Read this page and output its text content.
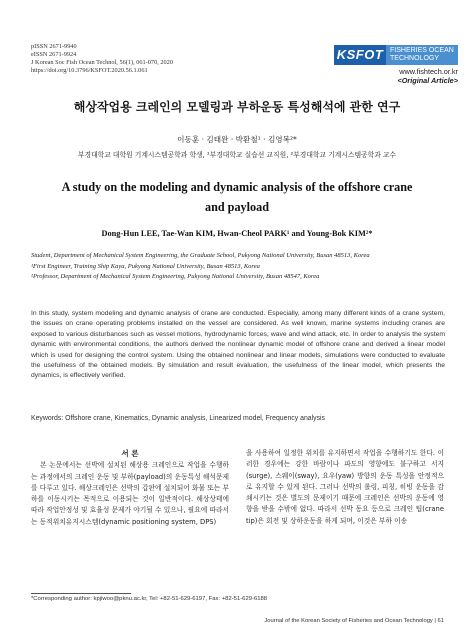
pISSN 2671-9940
eISSN 2671-9924
J Korean Soc Fish Ocean Technol, 56(1), 061-070, 2020
https://doi.org/10.3796/KSFOT.2020.56.1.061
KSFOT FISHERIES OCEAN
TECHNOLOGY
www.fishtech.or.kr
<Original Article>
해상작업용 크레인의 모델링과 부하운동 특성해석에 관한 연구
이동훈 · 김태완 · 박환철¹ · 김영복²*
부경대학교 대학원 기계시스템공학과 학생, ¹부경대학교 실습선 교직원, ²부경대학교 기계시스템공학과 교수
A study on the modeling and dynamic analysis of the offshore crane
and payload
Dong-Hun LEE, Tae-Wan KIM, Hwan-Cheol PARK¹ and Young-Bok KIM²*
Student, Department of Mechanical System Engineering, the Graduate School, Pukyong National University, Busan 48513, Korea
¹First Engineer, Training Ship Kaya, Pukyong National University, Busan 48513, Korea
²Professor, Department of Mechanical System Engineering, Pukyong National University, Busan 48547, Korea
In this study, system modeling and dynamic analysis of crane are conducted. Especially, among many different kinds of a crane system, the issues on crane operating problems installed on the vessel are considered. As well known, marine systems including cranes are exposed to various disturbances such as vessel motions, hydrodynamic forces, wave and wind attack, etc. In order to analysis the system dynamic with environmental conditions, the authors derived the nonlinear dynamic model of offshore crane and derived a linear model which is used for designing the control system. Using the obtained nonlinear and linear models, simulations were conducted to evaluate the usefulness of the obtained models. By simulation and result evaluation, the usefulness of the linear model, which presents the dynamics, is effectively verified.
Keywords: Offshore crane, Kinematics, Dynamic analysis, Linearized model, Frequency analysis
서 론
본 논문에서는 선박에 설치된 해상용 크레인으로 작업을 수행하는 과정에서의 크레인 운동 및 부하(payload)의 운동특성 해석문제를 다루고 있다. 해상크레인은 선박의 갑판에 설치되어 화물 또는 부하를 이동시키는 목적으로 이용되는 것이 일반적이다. 해상상태에 따라 작업안정성 및 효율성 문제가 야기될 수 있으나, 필요에 따라서는 동적위치유지시스템(dynamic positioning system, DPS)
을 사용하여 일정한 위치를 유지하면서 작업을 수행하기도 한다. 이러한 경우에는 강한 바람이나 파도의 영향에도 불구하고 서지(surge), 스웨이(sway), 요우(yaw) 방향의 운동 특성을 안정적으로 유지할 수 있게 된다. 그러나 선박의 롤링, 피칭, 히빙 운동을 감쇄시키는 것은 별도의 문제이기 때문에 크레인은 선박의 운동에 영향을 받을 수밖에 없다. 따라서 선박 동요 등으로 크레인 팁(crane tip)은 회전 및 상하운동을 하게 되며, 이것은 부하 이송
*Corresponding author: kpjiwoo@pknu.ac.kr, Tel: +82-51-629-6197, Fax: +82-51-629-6188
Journal of the Korean Society of Fisheries and Ocean Technology | 61
